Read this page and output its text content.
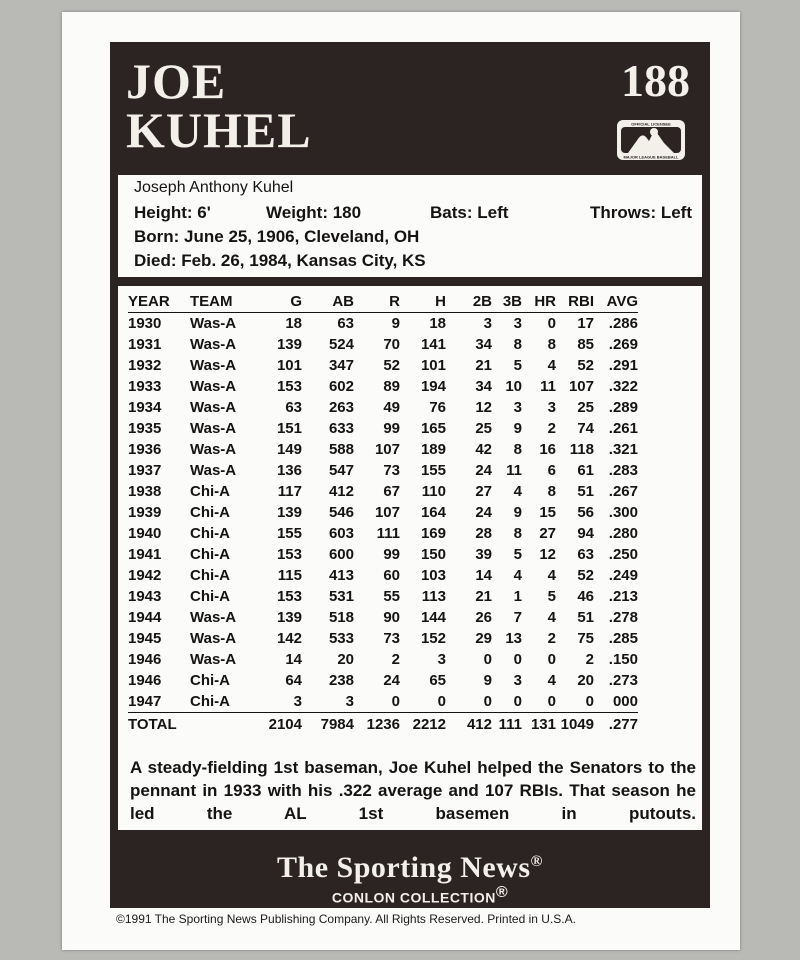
JOE
KUHEL
188
OFFICIAL LICENSEE
MAJOR LEAGUE BASEBALL
Joseph Anthony Kuhel
Height: 6'	Weight: 180	Bats: Left	Throws: Left
Born: June 25, 1906, Cleveland, OH
Died: Feb. 26, 1984, Kansas City, KS
YEAR	TEAM	G	AB	R	H	2B	3B	HR	RBI	AVG
1930	Was-A	18	63	9	18	3	3	0	17	.286
1931	Was-A	139	524	70	141	34	8	8	85	.269
1932	Was-A	101	347	52	101	21	5	4	52	.291
1933	Was-A	153	602	89	194	34	10	11	107	.322
1934	Was-A	63	263	49	76	12	3	3	25	.289
1935	Was-A	151	633	99	165	25	9	2	74	.261
1936	Was-A	149	588	107	189	42	8	16	118	.321
1937	Was-A	136	547	73	155	24	11	6	61	.283
1938	Chi-A	117	412	67	110	27	4	8	51	.267
1939	Chi-A	139	546	107	164	24	9	15	56	.300
1940	Chi-A	155	603	111	169	28	8	27	94	.280
1941	Chi-A	153	600	99	150	39	5	12	63	.250
1942	Chi-A	115	413	60	103	14	4	4	52	.249
1943	Chi-A	153	531	55	113	21	1	5	46	.213
1944	Was-A	139	518	90	144	26	7	4	51	.278
1945	Was-A	142	533	73	152	29	13	2	75	.285
1946	Was-A	14	20	2	3	0	0	0	2	.150
1946	Chi-A	64	238	24	65	9	3	4	20	.273
1947	Chi-A	3	3	0	0	0	0	0	0	000
TOTAL		2104	7984	1236	2212	412	111	131	1049	.277
A steady-fielding 1st baseman, Joe Kuhel helped the Senators to the pennant in 1933 with his .322 average and 107 RBIs. That season he led the AL 1st basemen in putouts.
The Sporting News®
CONLON COLLECTION®
©1991 The Sporting News Publishing Company. All Rights Reserved. Printed in U.S.A.
